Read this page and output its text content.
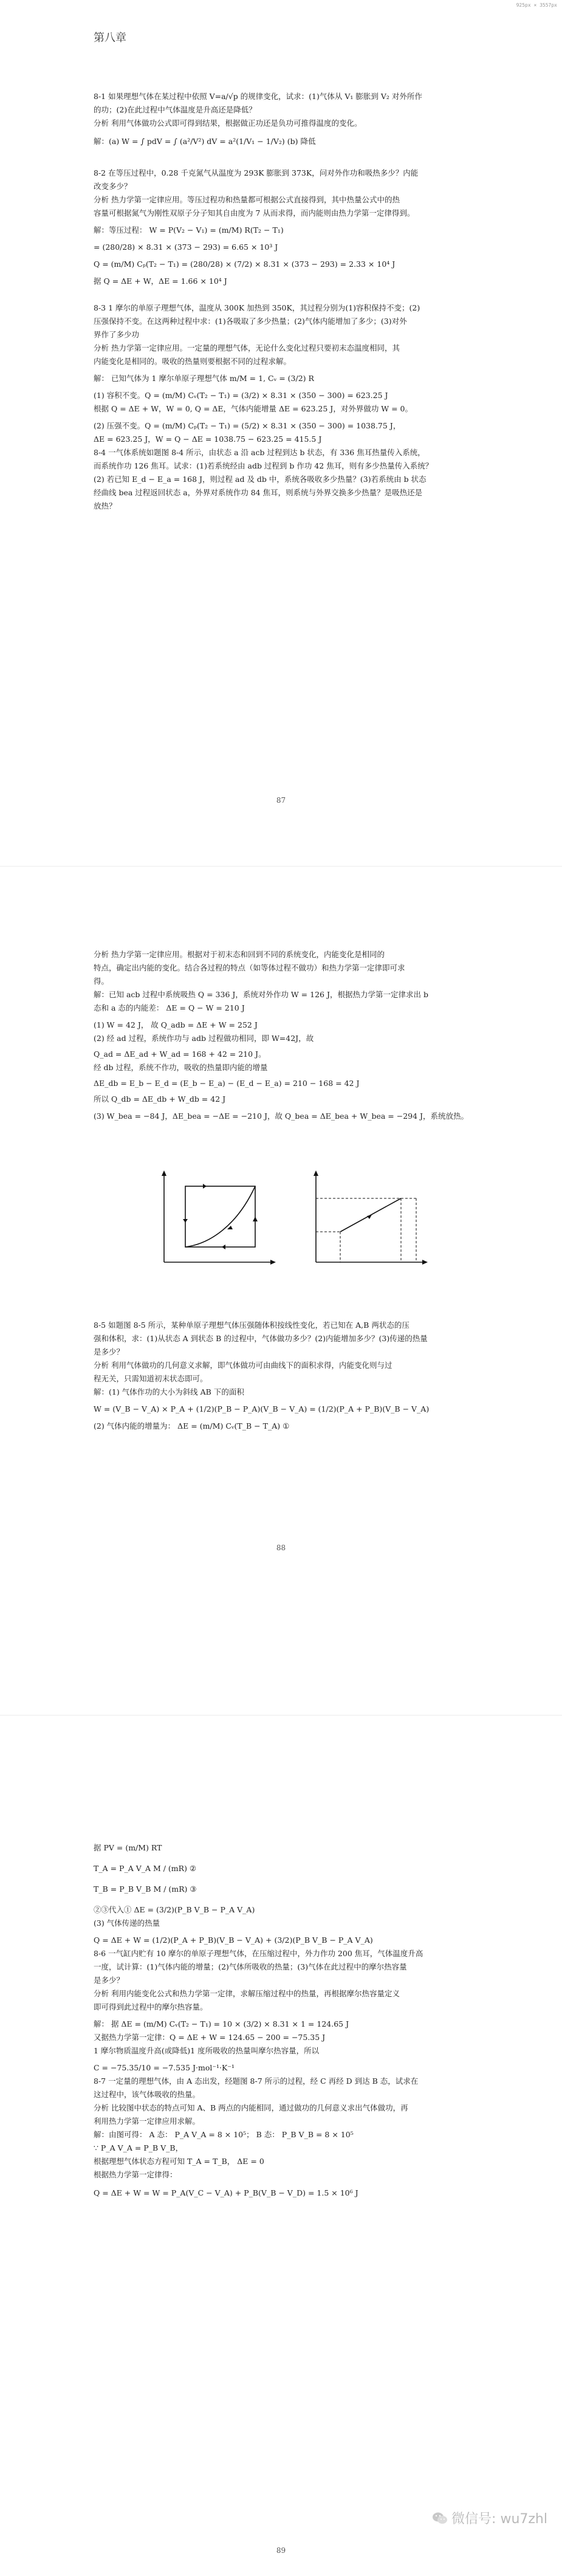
925px × 3557px
第八章
8-1 如果理想气体在某过程中依照 V=a/√p 的规律变化，试求：(1)气体从 V₁ 膨胀到 V₂ 对外所作
的功；(2)在此过程中气体温度是升高还是降低？
分析 利用气体做功公式即可得到结果，根据做正功还是负功可推得温度的变化。
解：(a) W = ∫ pdV = ∫ (a²/V²) dV = a²(1/V₁ − 1/V₂) (b) 降低

8-2 在等压过程中，0.28 千克氮气从温度为 293K 膨胀到 373K，问对外作功和吸热多少？内能
改变多少？
分析 热力学第一定律应用。等压过程功和热量都可根据公式直接得到，其中热量公式中的热
容量可根据氮气为刚性双原子分子知其自由度为 7 从而求得，而内能则由热力学第一定律得到。
解：等压过程： W = P(V₂ − V₁) = (m/M) R(T₂ − T₁)
= (280/28) × 8.31 × (373 − 293) = 6.65 × 10³ J
Q = (m/M) Cₚ(T₂ − T₁) = (280/28) × (7/2) × 8.31 × (373 − 293) = 2.33 × 10⁴ J
据 Q = ΔE + W，ΔE = 1.66 × 10⁴ J

8-3 1 摩尔的单原子理想气体，温度从 300K 加热到 350K，其过程分别为(1)容积保持不变；(2)
压强保持不变。在这两种过程中求：(1)各吸取了多少热量；(2)气体内能增加了多少；(3)对外
界作了多少功
分析 热力学第一定律应用。一定量的理想气体，无论什么变化过程只要初末态温度相同，其
内能变化是相同的。吸收的热量则要根据不同的过程求解。
解： 已知气体为 1 摩尔单原子理想气体 m/M = 1, Cᵥ = (3/2) R
(1) 容积不变。Q = (m/M) Cᵥ(T₂ − T₁) = (3/2) × 8.31 × (350 − 300) = 623.25 J
根据 Q = ΔE + W，W = 0, Q = ΔE，气体内能增量 ΔE = 623.25 J，对外界做功 W = 0。
(2) 压强不变。Q = (m/M) Cₚ(T₂ − T₁) = (5/2) × 8.31 × (350 − 300) = 1038.75 J，
ΔE = 623.25 J，W = Q − ΔE = 1038.75 − 623.25 = 415.5 J
8-4 一气体系统如题图 8-4 所示，由状态 a 沿 acb 过程到达 b 状态，有 336 焦耳热量传入系统，
而系统作功 126 焦耳。试求：(1)若系统经由 adb 过程到 b 作功 42 焦耳，则有多少热量传入系统？
(2) 若已知 E_d − E_a = 168 J，则过程 ad 及 db 中，系统各吸收多少热量？(3)若系统由 b 状态
经曲线 bea 过程返回状态 a，外界对系统作功 84 焦耳，则系统与外界交换多少热量？是吸热还是
放热？
87
分析 热力学第一定律应用。根据对于初末态和回到不同的系统变化，内能变化是相同的
特点，确定出内能的变化。结合各过程的特点（如等体过程不做功）和热力学第一定律即可求
得。
解：已知 acb 过程中系统吸热 Q = 336 J，系统对外作功 W = 126 J，根据热力学第一定律求出 b
态和 a 态的内能差： ΔE = Q − W = 210 J
(1) W = 42 J， 故 Q_adb = ΔE + W = 252 J
(2) 经 ad 过程，系统作功与 adb 过程做功相同，即 W=42J，故
Q_ad = ΔE_ad + W_ad = 168 + 42 = 210 J。
经 db 过程，系统不作功，吸收的热量即内能的增量
ΔE_db = E_b − E_d = (E_b − E_a) − (E_d − E_a) = 210 − 168 = 42 J
所以 Q_db = ΔE_db + W_db = 42 J
(3) W_bea = −84 J，ΔE_bea = −ΔE = −210 J，故 Q_bea = ΔE_bea + W_bea = −294 J，系统放热。
8-5 如题图 8-5 所示，某种单原子理想气体压强随体积按线性变化，若已知在 A,B 两状态的压
强和体积，求：(1)从状态 A 到状态 B 的过程中，气体做功多少？(2)内能增加多少？(3)传递的热量
是多少？
分析 利用气体做功的几何意义求解，即气体做功可由曲线下的面积求得，内能变化则与过
程无关，只需知道初末状态即可。
解：(1) 气体作功的大小为斜线 AB 下的面积
W = (V_B − V_A) × P_A + (1/2)(P_B − P_A)(V_B − V_A) = (1/2)(P_A + P_B)(V_B − V_A)
(2) 气体内能的增量为： ΔE = (m/M) Cᵥ(T_B − T_A) ①
88
据 PV = (m/M) RT
T_A = P_A V_A M / (mR) ②
T_B = P_B V_B M / (mR) ③
②③代入① ΔE = (3/2)(P_B V_B − P_A V_A)
(3) 气体传递的热量
Q = ΔE + W = (1/2)(P_A + P_B)(V_B − V_A) + (3/2)(P_B V_B − P_A V_A)
8-6 一气缸内贮有 10 摩尔的单原子理想气体，在压缩过程中，外力作功 200 焦耳，气体温度升高
一度，试计算：(1)气体内能的增量；(2)气体所吸收的热量；(3)气体在此过程中的摩尔热容量
是多少？
分析 利用内能变化公式和热力学第一定律，求解压缩过程中的热量，再根据摩尔热容量定义
即可得到此过程中的摩尔热容量。
解： 据 ΔE = (m/M) Cᵥ(T₂ − T₁) = 10 × (3/2) × 8.31 × 1 = 124.65 J
又据热力学第一定律：Q = ΔE + W = 124.65 − 200 = −75.35 J
1 摩尔物质温度升高(或降低)1 度所吸收的热量叫摩尔热容量，所以
C = −75.35/10 = −7.535 J·mol⁻¹·K⁻¹
8-7 一定量的理想气体，由 A 态出发，经题图 8-7 所示的过程，经 C 再经 D 到达 B 态，试求在
这过程中，该气体吸收的热量。
分析 比较图中状态的特点可知 A、B 两点的内能相同，通过做功的几何意义求出气体做功，再
利用热力学第一定律应用求解。
解：由图可得： A 态： P_A V_A = 8 × 10⁵； B 态： P_B V_B = 8 × 10⁵
∵ P_A V_A = P_B V_B，
根据理想气体状态方程可知 T_A = T_B， ΔE = 0
根据热力学第一定律得：
Q = ΔE + W = W = P_A(V_C − V_A) + P_B(V_B − V_D) = 1.5 × 10⁶ J
微信号: wu7zhl
89
